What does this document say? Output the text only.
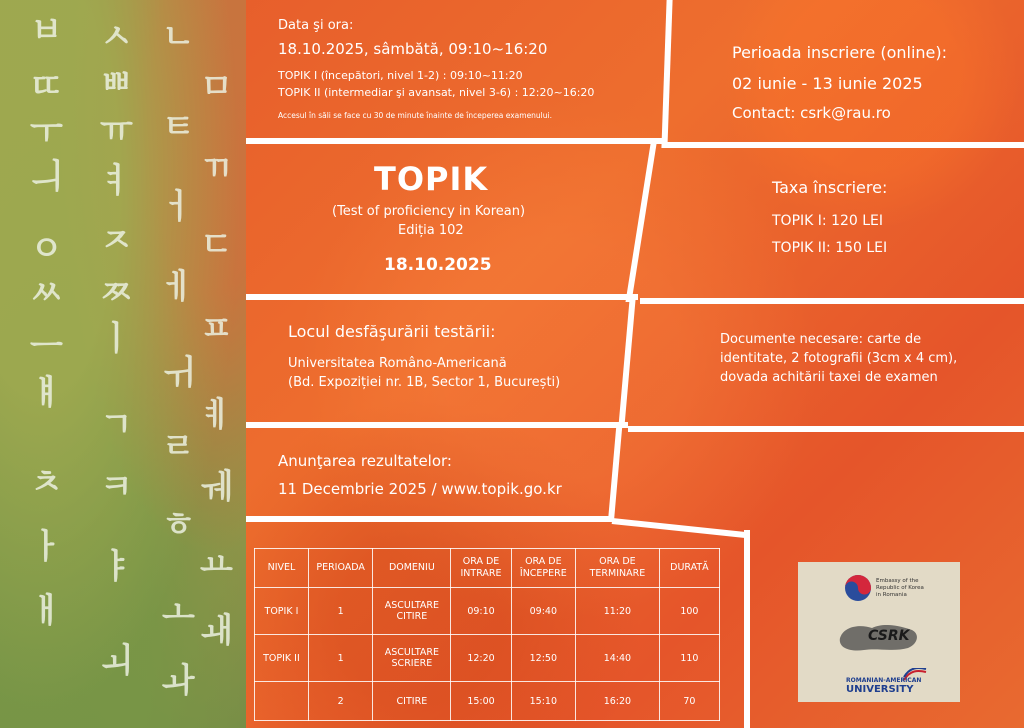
ㅂ ㅅ ㄴ
ㄸ ㅃ ㅁ
ㅜ ㅠ ㅌ
ㄲ
ㅢ ㅕ
ㅓ
ㅇ ㅈ ㄷ
ㅆ ㅉ ㅔ
ㅡ ㅣ ㅍ
ㅖ
ㅟ
ㅒ
ㄱ
ㄹ
ㅊ ㅋ ㅞ
ㅏ
ㅎ
ㅑ ㅛ
ㅐ	ㅗ ㅙ
ㅚ ㅘ
Data şi ora:
18.10.2025, sâmbătă, 09:10~16:20
TOPIK I (începători, nivel 1-2) : 09:10~11:20
TOPIK II (intermediar şi avansat, nivel 3-6) : 12:20~16:20
Accesul în săli se face cu 30 de minute înainte de începerea examenului.
Perioada inscriere (online):
02 iunie - 13 iunie 2025
Contact: csrk@rau.ro
TOPIK
(Test of proficiency in Korean)
Ediția 102
18.10.2025
Taxa înscriere:
TOPIK I: 120 LEI
TOPIK II: 150 LEI
Locul desfăşurării testării:
Universitatea Româno-Americană
(Bd. Expoziției nr. 1B, Sector 1, București)
Documente necesare: carte de
identitate, 2 fotografii (3cm x 4 cm),
dovada achitării taxei de examen
Anunţarea rezultatelor:
11 Decembrie 2025 / www.topik.go.kr
NIVEL	PERIOADA	DOMENIU	ORA DE INTRARE	ORA DE ÎNCEPERE	ORA DE TERMINARE	DURATĂ
TOPIK I	1	ASCULTARE CITIRE	09:10	09:40	11:20	100
TOPIK II	1	ASCULTARE SCRIERE	12:20	12:50	14:40	110
	2	CITIRE	15:00	15:10	16:20	70
Embassy of the
Republic of Korea
in Romania
CSRK
ROMANIAN-AMERICAN
UNIVERSITY
